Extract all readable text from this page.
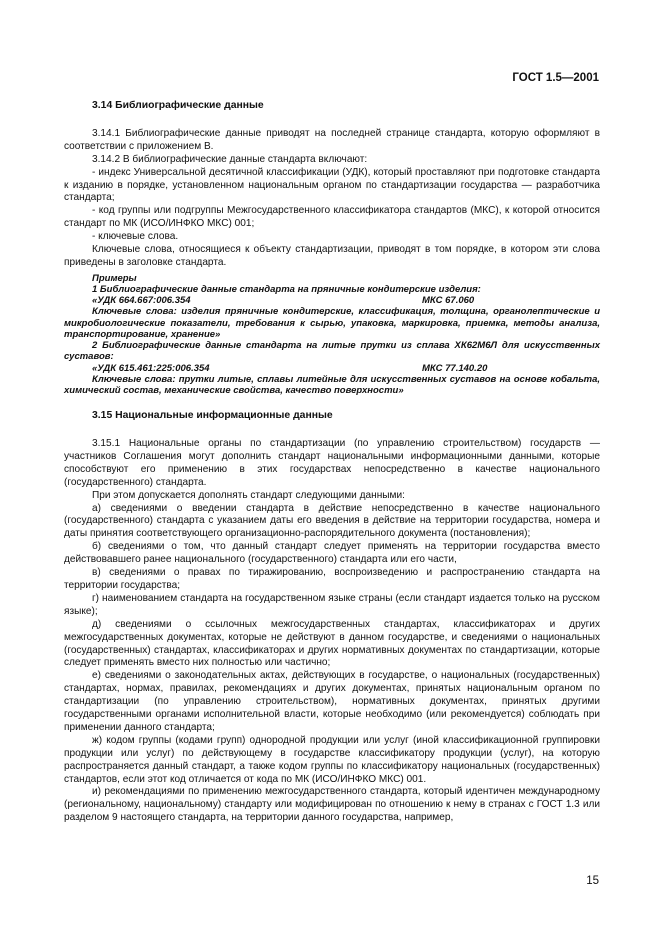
ГОСТ 1.5—2001

3.14 Библиографические данные

3.14.1 Библиографические данные приводят на последней странице стандарта, которую оформляют в соответствии с приложением В.

3.14.2 В библиографические данные стандарта включают:

- индекс Универсальной десятичной классификации (УДК), который проставляют при подготовке стандарта к изданию в порядке, установленном национальным органом по стандартизации государства — разработчика стандарта;

- код группы или подгруппы Межгосударственного классификатора стандартов (МКС), к которой относится стандарт по МК (ИСО/ИНФКО МКС) 001;

- ключевые слова.

Ключевые слова, относящиеся к объекту стандартизации, приводят в том порядке, в котором эти слова приведены в заголовке стандарта.

Примеры

1 Библиографические данные стандарта на пряничные кондитерские изделия:

«УДК 664.667:006.354	МКС 67.060

Ключевые слова: изделия пряничные кондитерские, классификация, толщина, органолептические и микробиологические показатели, требования к сырью, упаковка, маркировка, приемка, методы анализа, транспортирование, хранение»

2 Библиографические данные стандарта на литые прутки из сплава ХК62М6Л для искусственных суставов:

«УДК 615.461:225:006.354	МКС 77.140.20

Ключевые слова: прутки литые, сплавы литейные для искусственных суставов на основе кобальта, химический состав, механические свойства, качество поверхности»

3.15 Национальные информационные данные

3.15.1 Национальные органы по стандартизации (по управлению строительством) государств — участников Соглашения могут дополнить стандарт национальными информационными данными, которые способствуют его применению в этих государствах непосредственно в качестве национального (государственного) стандарта.

При этом допускается дополнять стандарт следующими данными:

а) сведениями о введении стандарта в действие непосредственно в качестве национального (государственного) стандарта с указанием даты его введения в действие на территории государства, номера и даты принятия соответствующего организационно-распорядительного документа (постановления);

б) сведениями о том, что данный стандарт следует применять на территории государства вместо действовавшего ранее национального (государственного) стандарта или его части,

в) сведениями о правах по тиражированию, воспроизведению и распространению стандарта на территории государства;

г) наименованием стандарта на государственном языке страны (если стандарт издается только на русском языке);

д) сведениями о ссылочных межгосударственных стандартах, классификаторах и других межгосударственных документах, которые не действуют в данном государстве, и сведениями о национальных (государственных) стандартах, классификаторах и других нормативных документах по стандартизации, которые следует применять вместо них полностью или частично;

е) сведениями о законодательных актах, действующих в государстве, о национальных (государственных) стандартах, нормах, правилах, рекомендациях и других документах, принятых национальным органом по стандартизации (по управлению строительством), нормативных документах, принятых другими государственными органами исполнительной власти, которые необходимо (или рекомендуется) соблюдать при применении данного стандарта;

ж) кодом группы (кодами групп) однородной продукции или услуг (иной классификационной группировки продукции или услуг) по действующему в государстве классификатору продукции (услуг), на которую распространяется данный стандарт, а также кодом группы по классификатору национальных (государственных) стандартов, если этот код отличается от кода по МК (ИСО/ИНФКО МКС) 001.

и) рекомендациями по применению межгосударственного стандарта, который идентичен международному (региональному, национальному) стандарту или модифицирован по отношению к нему в странах с ГОСТ 1.3 или разделом 9 настоящего стандарта, на территории данного государства, например,

15
